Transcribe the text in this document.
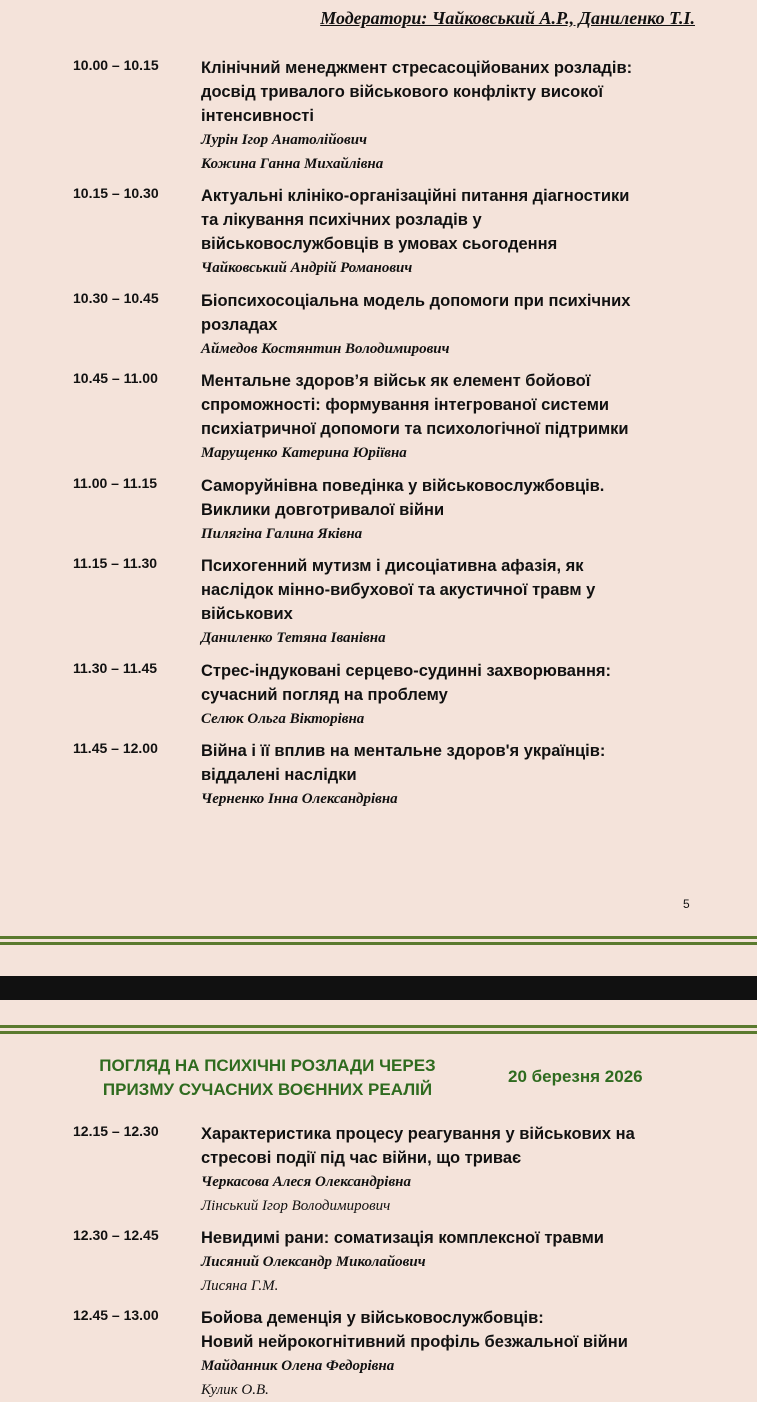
Модератори: Чайковський А.Р., Даниленко Т.І.
10.00 – 10.15	Клінічний менеджмент стресасоційованих розладів:
досвід тривалого військового конфлікту високої
інтенсивності

Лурін Ігор Анатолійович
Кожина Ганна Михайлівна
10.15 – 10.30	Актуальні клініко-організаційні питання діагностики
та лікування психічних розладів у
військовослужбовців в умовах сьогодення

Чайковський Андрій Романович
10.30 – 10.45	Біопсихосоціальна модель допомоги при психічних
розладах

Аймедов Костянтин Володимирович
10.45 – 11.00	Ментальне здоров’я військ як елемент бойової
спроможності: формування інтегрованої системи
психіатричної допомоги та психологічної підтримки

Марущенко Катерина Юріївна
11.00 – 11.15	Саморуйнівна поведінка у військовослужбовців.
Виклики довготривалої війни

Пилягіна Галина Яківна
11.15 – 11.30	Психогенний мутизм і дисоціативна афазія, як
наслідок мінно-вибухової та акустичної травм у
військових

Даниленко Тетяна Іванівна
11.30 – 11.45	Стрес-індуковані серцево-судинні захворювання:
сучасний погляд на проблему

Селюк Ольга Вікторівна
11.45 – 12.00	Війна і її вплив на ментальне здоров'я українців:
віддалені наслідки

Черненко Інна Олександрівна
5
ПОГЛЯД НА ПСИХІЧНІ РОЗЛАДИ ЧЕРЕЗ
ПРИЗМУ СУЧАСНИХ ВОЄННИХ РЕАЛІЙ
20 березня 2026
12.15 – 12.30	Характеристика процесу реагування у військових на
стресові події під час війни, що триває

Черкасова Алеся Олександрівна
Лінський Ігор Володимирович
12.30 – 12.45	Невидимі рани: соматизація комплексної травми

Лисяний Олександр Миколайович
Лисяна Г.М.
12.45 – 13.00	Бойова деменція у військовослужбовців:
Новий нейрокогнітивний профіль безжальної війни

Майданник Олена Федорівна
Кулик О.В.
